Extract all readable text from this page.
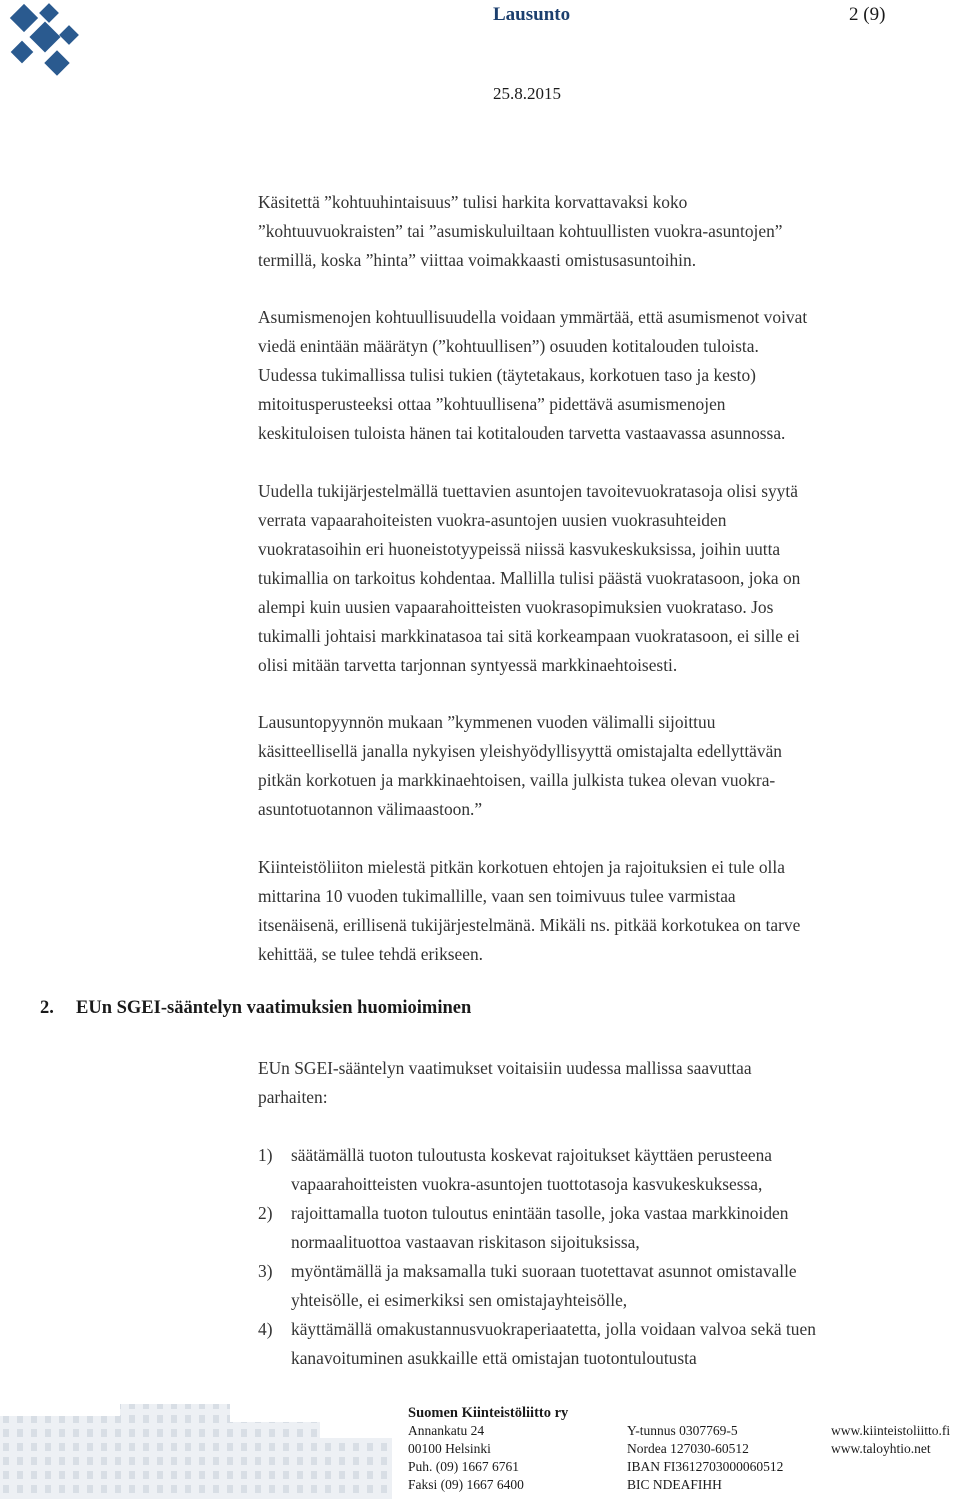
Lausunto	2 (9)
25.8.2015
Käsitettä ”kohtuuhintaisuus” tulisi harkita korvattavaksi koko
”kohtuuvuokraisten” tai ”asumiskuluiltaan kohtuullisten vuokra-asuntojen”
termillä, koska ”hinta” viittaa voimakkaasti omistusasuntoihin.
Asumismenojen kohtuullisuudella voidaan ymmärtää, että asumismenot voivat
viedä enintään määrätyn (”kohtuullisen”) osuuden kotitalouden tuloista.
Uudessa tukimallissa tulisi tukien (täytetakaus, korkotuen taso ja kesto)
mitoitusperusteeksi ottaa ”kohtuullisena” pidettävä asumismenojen
keskituloisen tuloista hänen tai kotitalouden tarvetta vastaavassa asunnossa.
Uudella tukijärjestelmällä tuettavien asuntojen tavoitevuokratasoja olisi syytä
verrata vapaarahoiteisten vuokra-asuntojen uusien vuokrasuhteiden
vuokratasoihin eri huoneistotyypeissä niissä kasvukeskuksissa, joihin uutta
tukimallia on tarkoitus kohdentaa. Mallilla tulisi päästä vuokratasoon, joka on
alempi kuin uusien vapaarahoitteisten vuokrasopimuksien vuokrataso. Jos
tukimalli johtaisi markkinatasoa tai sitä korkeampaan vuokratasoon, ei sille ei
olisi mitään tarvetta tarjonnan syntyessä markkinaehtoisesti.
Lausuntopyynnön mukaan ”kymmenen vuoden välimalli sijoittuu
käsitteellisellä janalla nykyisen yleishyödyllisyyttä omistajalta edellyttävän
pitkän korkotuen ja markkinaehtoisen, vailla julkista tukea olevan vuokra-
asuntotuotannon välimaastoon.”
Kiinteistöliiton mielestä pitkän korkotuen ehtojen ja rajoituksien ei tule olla
mittarina 10 vuoden tukimallille, vaan sen toimivuus tulee varmistaa
itsenäisenä, erillisenä tukijärjestelmänä. Mikäli ns. pitkää korkotukea on tarve
kehittää, se tulee tehdä erikseen.
2. EUn SGEI-sääntelyn vaatimuksien huomioiminen
EUn SGEI-sääntelyn vaatimukset voitaisiin uudessa mallissa saavuttaa
parhaiten:
1) säätämällä tuoton tuloutusta koskevat rajoitukset käyttäen perusteena
vapaarahoitteisten vuokra-asuntojen tuottotasoja kasvukeskuksessa,
2) rajoittamalla tuoton tuloutus enintään tasolle, joka vastaa markkinoiden
normaalituottoa vastaavan riskitason sijoituksissa,
3) myöntämällä ja maksamalla tuki suoraan tuotettavat asunnot omistavalle
yhteisölle, ei esimerkiksi sen omistajayhteisölle,
4) käyttämällä omakustannusvuokraperiaatetta, jolla voidaan valvoa sekä tuen
kanavoituminen asukkaille että omistajan tuotontuloutusta
Suomen Kiinteistöliitto ry
Annankatu 24
00100 Helsinki
Puh. (09) 1667 6761
Faksi (09) 1667 6400
Y-tunnus 0307769-5
Nordea 127030-60512
IBAN FI3612703000060512
BIC NDEAFIHH
www.kiinteistoliitto.fi
www.taloyhtio.net
